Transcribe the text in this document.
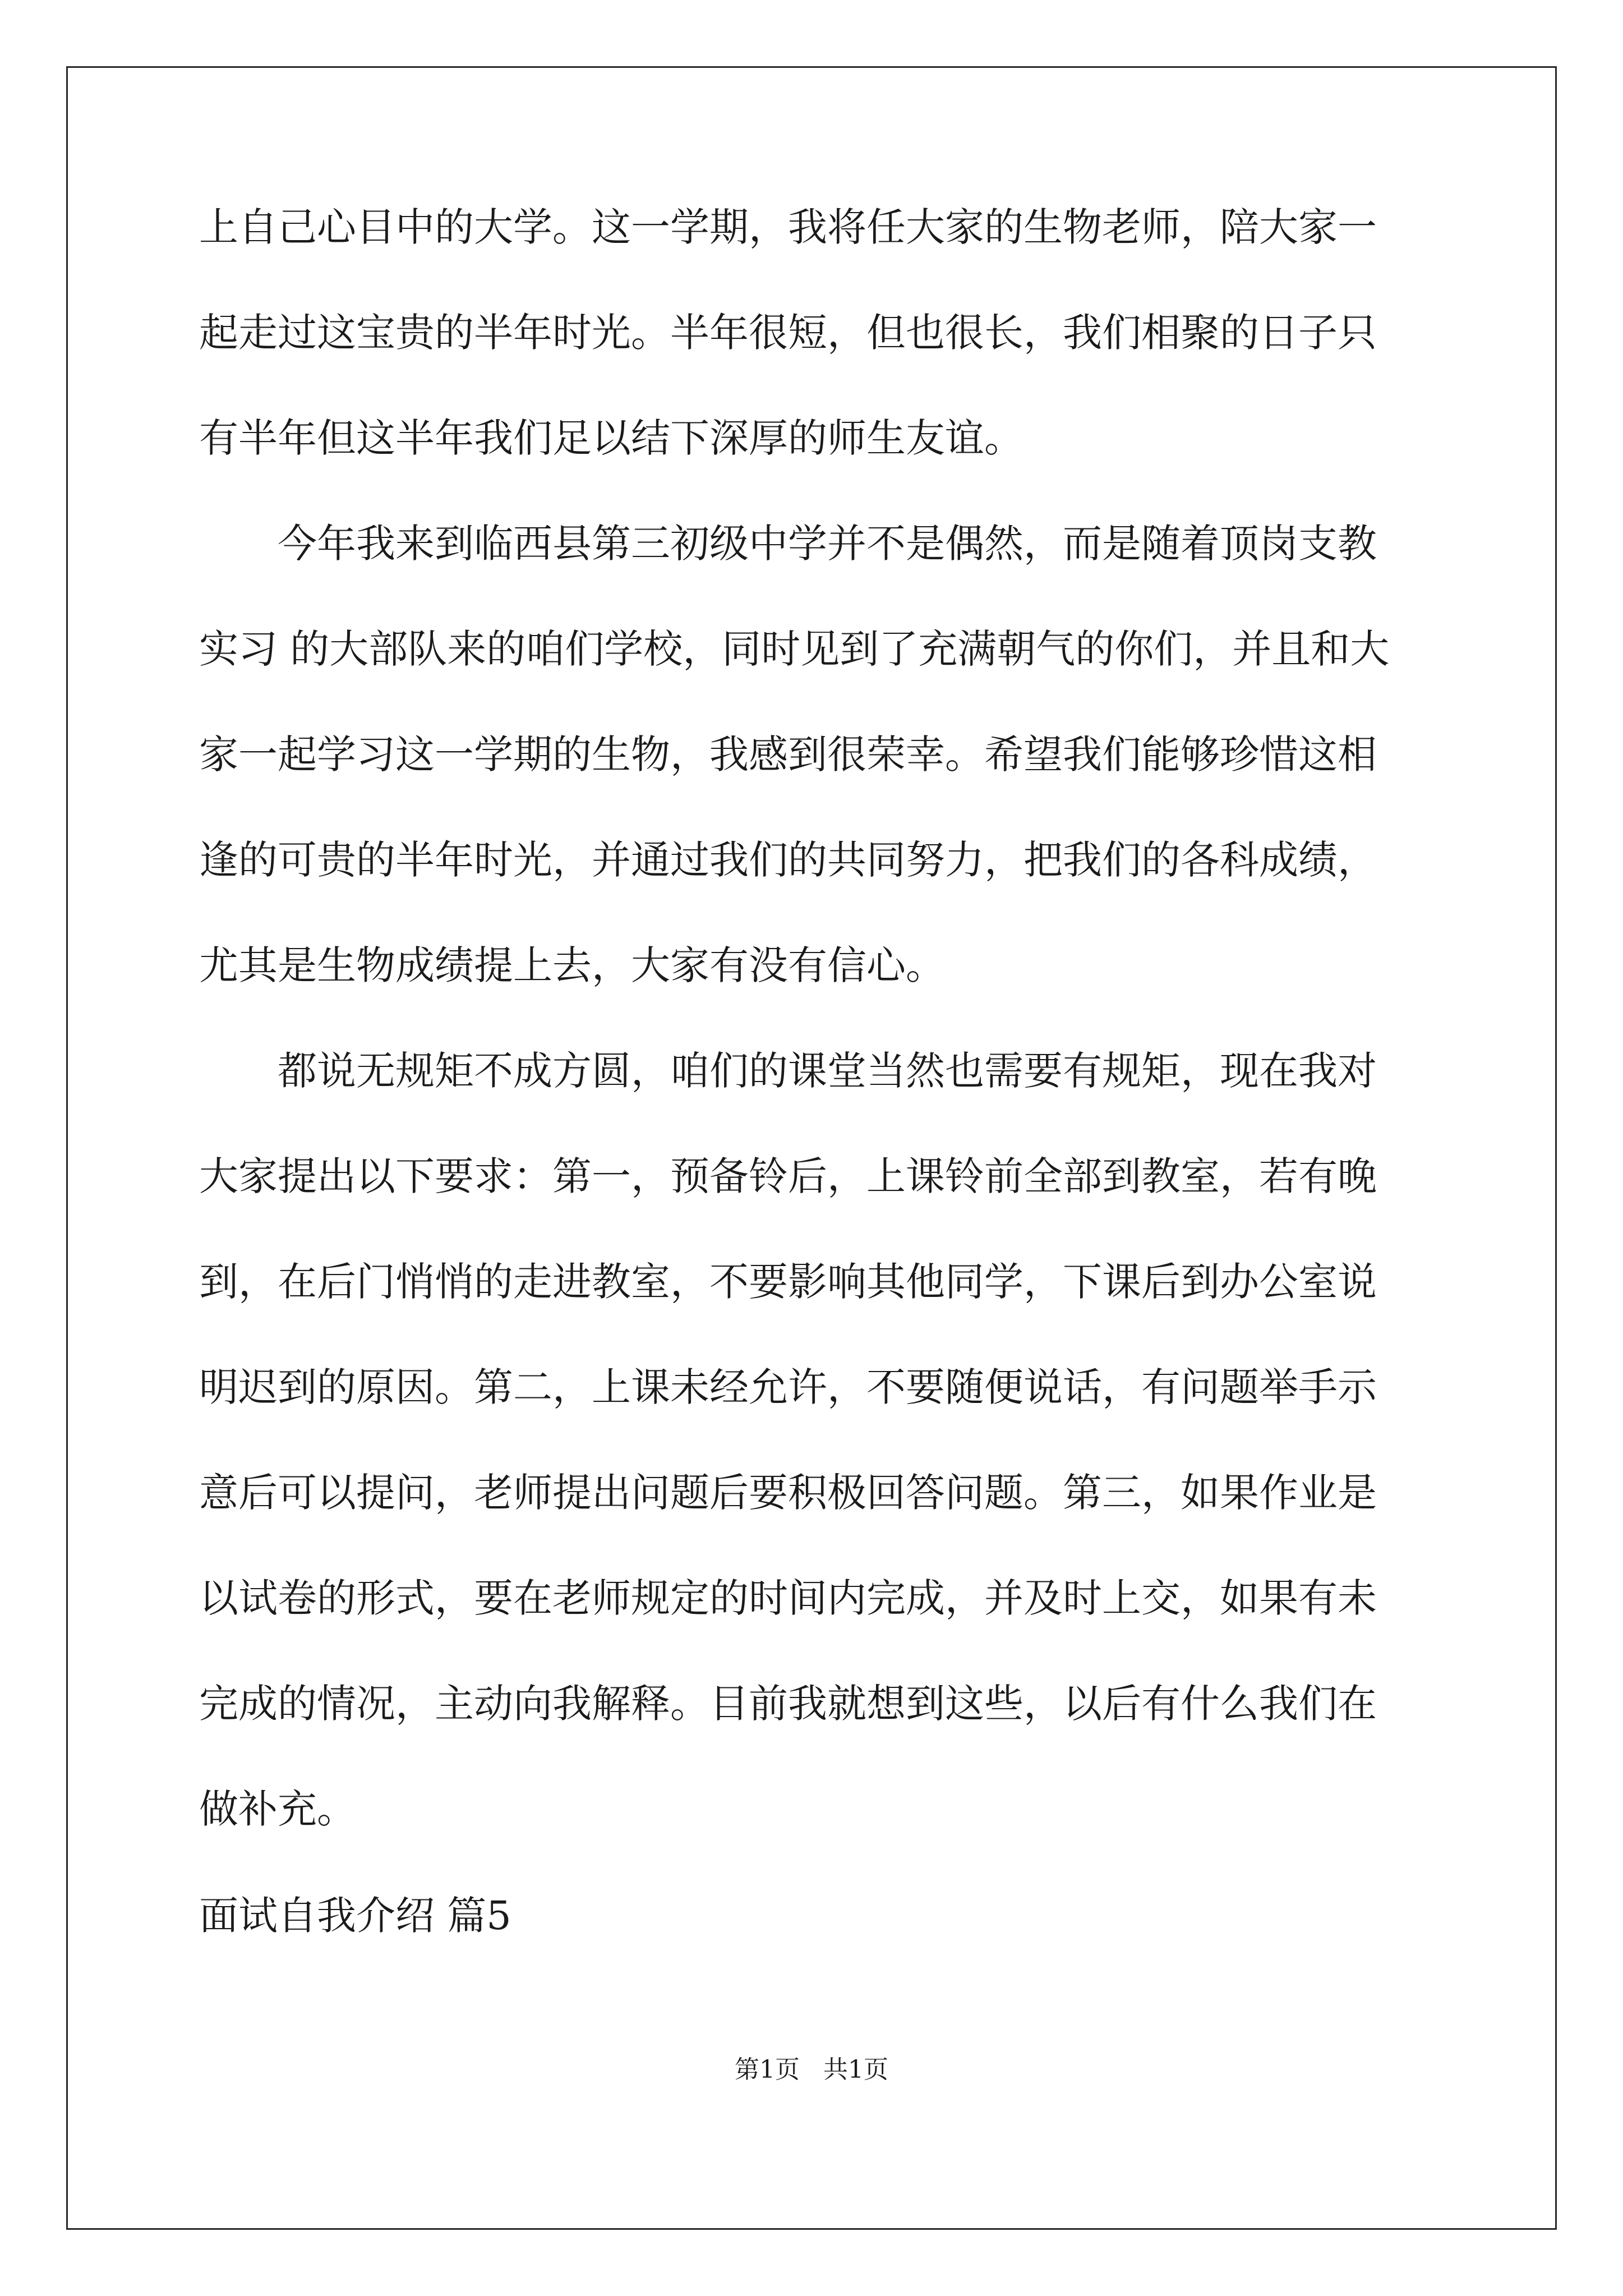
上自己心目中的大学。这一学期，我将任大家的生物老师，陪大家一
起走过这宝贵的半年时光。半年很短，但也很长，我们相聚的日子只
有半年但这半年我们足以结下深厚的师生友谊。
今年我来到临西县第三初级中学并不是偶然，而是随着顶岗支教
实习 的大部队来的咱们学校，同时见到了充满朝气的你们，并且和大
家一起学习这一学期的生物，我感到很荣幸。希望我们能够珍惜这相
逢的可贵的半年时光，并通过我们的共同努力，把我们的各科成绩，
尤其是生物成绩提上去，大家有没有信心。
都说无规矩不成方圆，咱们的课堂当然也需要有规矩，现在我对
大家提出以下要求：第一，预备铃后，上课铃前全部到教室，若有晚
到，在后门悄悄的走进教室，不要影响其他同学，下课后到办公室说
明迟到的原因。第二，上课未经允许，不要随便说话，有问题举手示
意后可以提问，老师提出问题后要积极回答问题。第三，如果作业是
以试卷的形式，要在老师规定的时间内完成，并及时上交，如果有未
完成的情况，主动向我解释。目前我就想到这些，以后有什么我们在
做补充。
面试自我介绍 篇5
第1页   共1页
